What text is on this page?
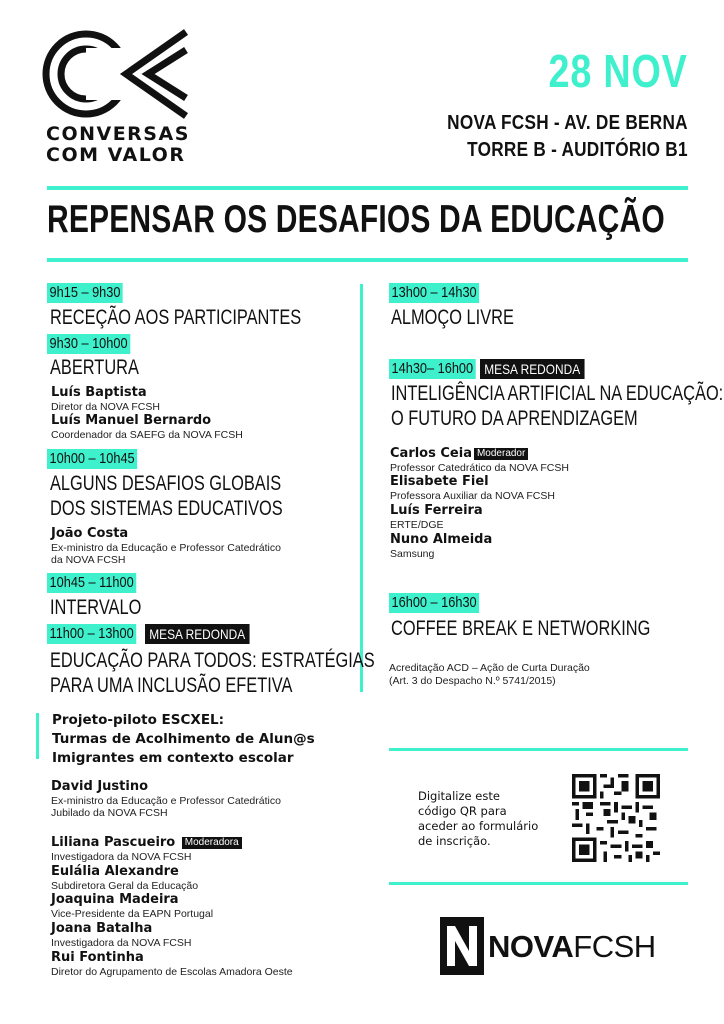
CONVERSAS
COM VALOR
28 NOV
NOVA FCSH - AV. DE BERNA
TORRE B - AUDITÓRIO B1
REPENSAR OS DESAFIOS DA EDUCAÇÃO
9h15 – 9h30
RECEÇÃO AOS PARTICIPANTES
9h30 – 10h00
ABERTURA
Luís Baptista
Diretor da NOVA FCSH
Luís Manuel Bernardo
Coordenador da SAEFG da NOVA FCSH
10h00 – 10h45
ALGUNS DESAFIOS GLOBAIS
DOS SISTEMAS EDUCATIVOS
João Costa
Ex-ministro da Educação e Professor Catedrático
da NOVA FCSH
10h45 – 11h00
INTERVALO
11h00 – 13h00	MESA REDONDA
EDUCAÇÃO PARA TODOS: ESTRATÉGIAS
PARA UMA INCLUSÃO EFETIVA
Projeto-piloto ESCXEL:
Turmas de Acolhimento de Alun@s
Imigrantes em contexto escolar
David Justino
Ex-ministro da Educação e Professor Catedrático
Jubilado da NOVA FCSH
Liliana Pascueiro Moderadora
Investigadora da NOVA FCSH
Eulália Alexandre
Subdiretora Geral da Educação
Joaquina Madeira
Vice-Presidente da EAPN Portugal
Joana Batalha
Investigadora da NOVA FCSH
Rui Fontinha
Diretor do Agrupamento de Escolas Amadora Oeste
13h00 – 14h30
ALMOÇO LIVRE
14h30– 16h00 MESA REDONDA
INTELIGÊNCIA ARTIFICIAL NA EDUCAÇÃO:
O FUTURO DA APRENDIZAGEM
Carlos Ceia Moderador
Professor Catedrático da NOVA FCSH
Elisabete Fiel
Professora Auxiliar da NOVA FCSH
Luís Ferreira
ERTE/DGE
Nuno Almeida
Samsung
16h00 – 16h30
COFFEE BREAK E NETWORKING
Acreditação ACD – Ação de Curta Duração
(Art. 3 do Despacho N.º 5741/2015)
Digitalize este
código QR para
aceder ao formulário
de inscrição.
NOVAFCSH
